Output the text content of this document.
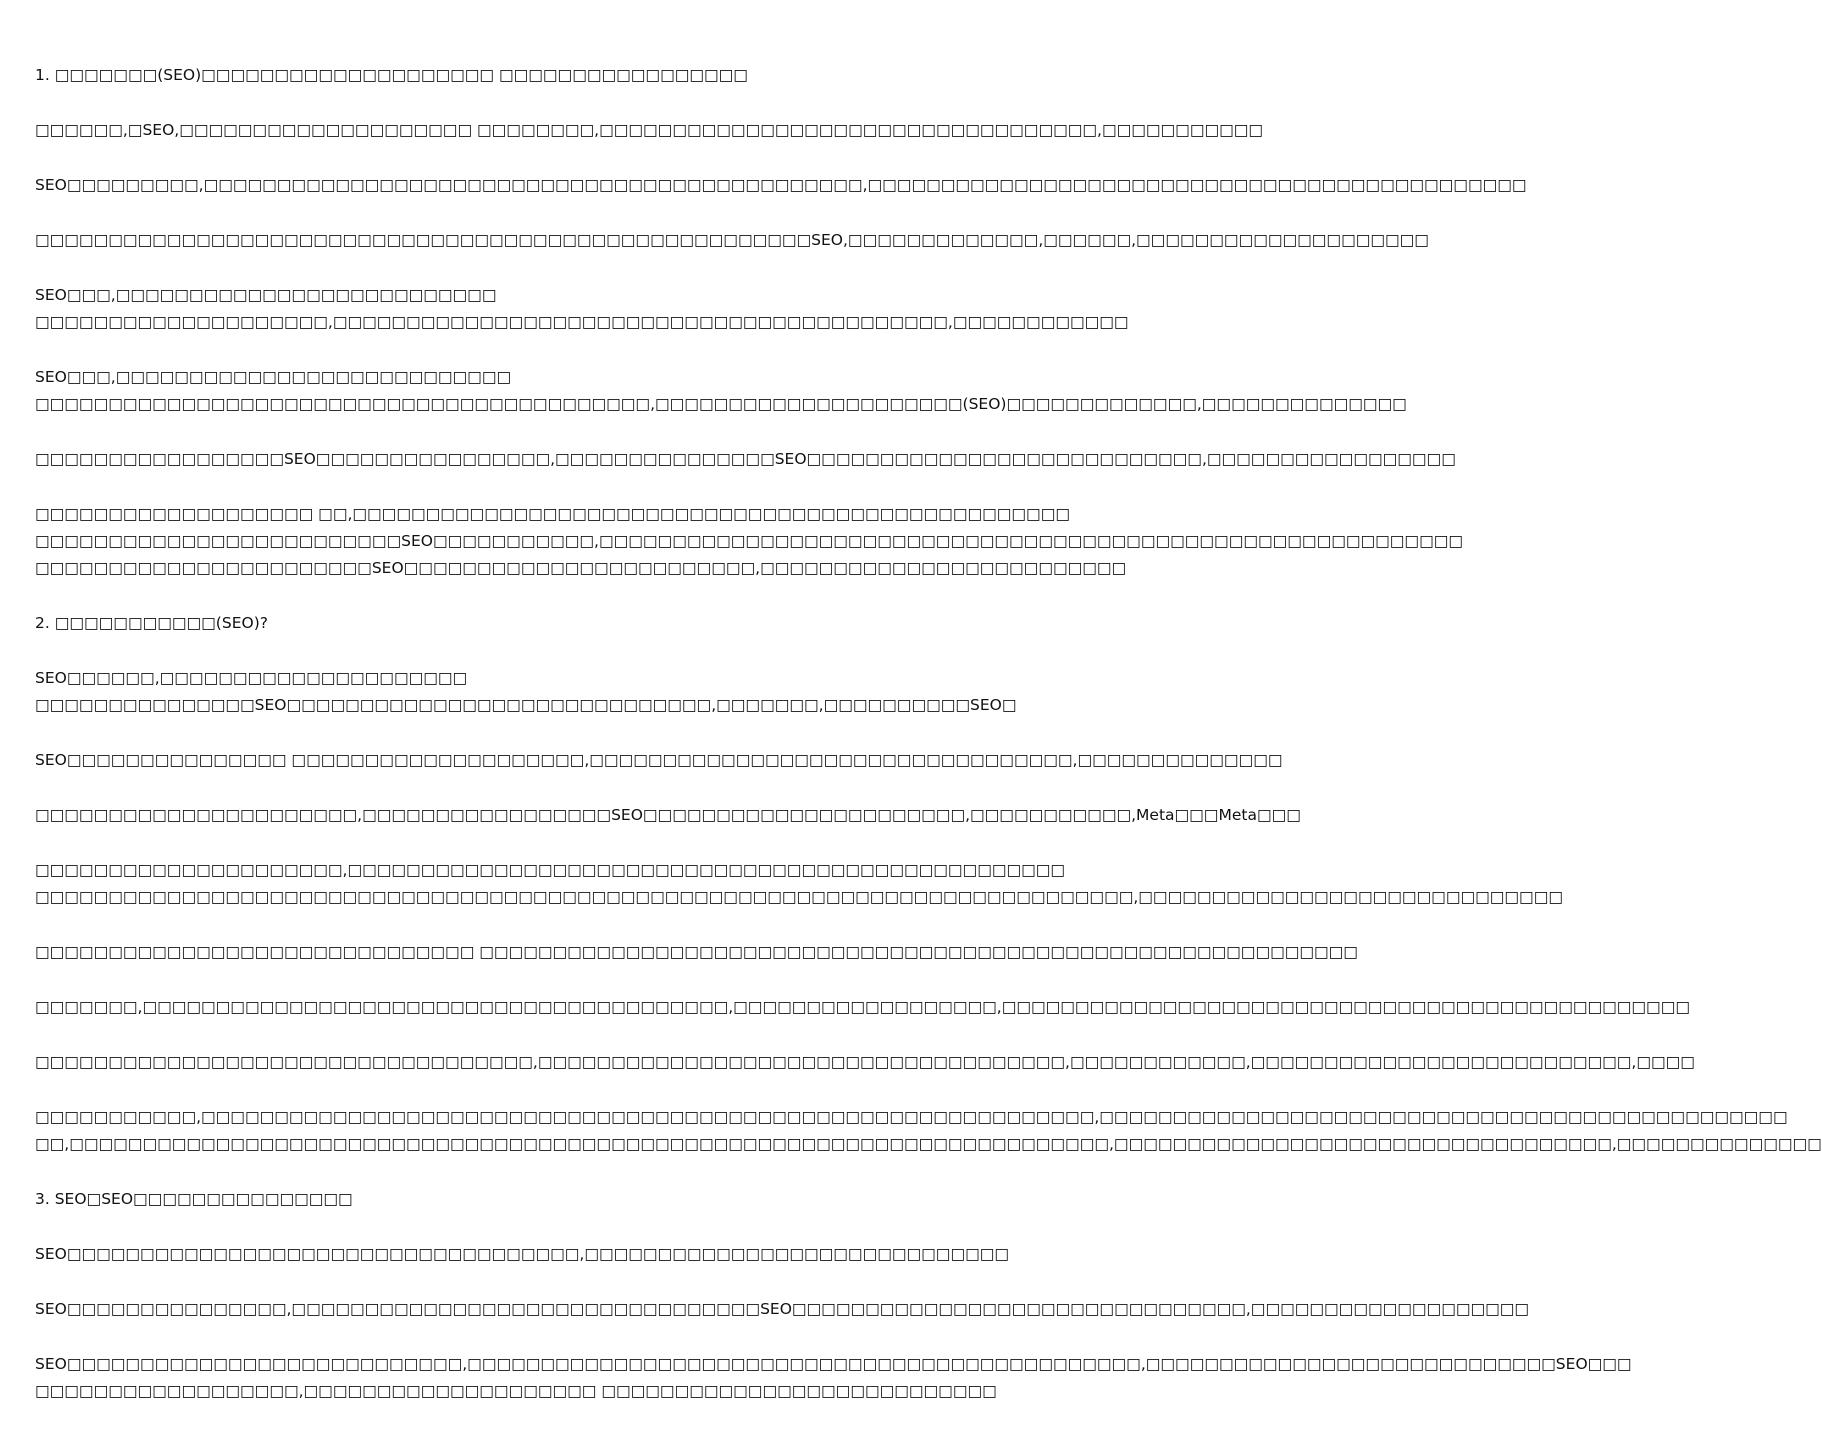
1. □□□□□□□(SEO)□□□□□□□□□□□□□□□□□□□□ □□□□□□□□□□□□□□□□□

□□□□□□,□SEO,□□□□□□□□□□□□□□□□□□□□ □□□□□□□□,□□□□□□□□□□□□□□□□□□□□□□□□□□□□□□□□□□,□□□□□□□□□□□

SEO□□□□□□□□□,□□□□□□□□□□□□□□□□□□□□□□□□□□□□□□□□□□□□□□□□□□□□□,□□□□□□□□□□□□□□□□□□□□□□□□□□□□□□□□□□□□□□□□□□□□□

□□□□□□□□□□□□□□□□□□□□□□□□□□□□□□□□□□□□□□□□□□□□□□□□□□□□□SEO,□□□□□□□□□□□□□,□□□□□□,□□□□□□□□□□□□□□□□□□□□

SEO□□□,□□□□□□□□□□□□□□□□□□□□□□□□□□
□□□□□□□□□□□□□□□□□□□□,□□□□□□□□□□□□□□□□□□□□□□□□□□□□□□□□□□□□□□□□□□,□□□□□□□□□□□□

SEO□□□,□□□□□□□□□□□□□□□□□□□□□□□□□□□
□□□□□□□□□□□□□□□□□□□□□□□□□□□□□□□□□□□□□□□□□□,□□□□□□□□□□□□□□□□□□□□□(SEO)□□□□□□□□□□□□□,□□□□□□□□□□□□□□

□□□□□□□□□□□□□□□□□SEO□□□□□□□□□□□□□□□□,□□□□□□□□□□□□□□□SEO□□□□□□□□□□□□□□□□□□□□□□□□□□□,□□□□□□□□□□□□□□□□□

□□□□□□□□□□□□□□□□□□□ □□,□□□□□□□□□□□□□□□□□□□□□□□□□□□□□□□□□□□□□□□□□□□□□□□□□
□□□□□□□□□□□□□□□□□□□□□□□□□SEO□□□□□□□□□□□,□□□□□□□□□□□□□□□□□□□□□□□□□□□□□□□□□□□□□□□□□□□□□□□□□□□□□□□□□□□
□□□□□□□□□□□□□□□□□□□□□□□SEO□□□□□□□□□□□□□□□□□□□□□□□□,□□□□□□□□□□□□□□□□□□□□□□□□□

2. □□□□□□□□□□□(SEO)?

SEO□□□□□□,□□□□□□□□□□□□□□□□□□□□□
□□□□□□□□□□□□□□□SEO□□□□□□□□□□□□□□□□□□□□□□□□□□□□□,□□□□□□□,□□□□□□□□□□SEO□

SEO□□□□□□□□□□□□□□□ □□□□□□□□□□□□□□□□□□□□,□□□□□□□□□□□□□□□□□□□□□□□□□□□□□□□□□,□□□□□□□□□□□□□□

□□□□□□□□□□□□□□□□□□□□□□,□□□□□□□□□□□□□□□□□SEO□□□□□□□□□□□□□□□□□□□□□□,□□□□□□□□□□□,Meta□□□Meta□□□

□□□□□□□□□□□□□□□□□□□□□,□□□□□□□□□□□□□□□□□□□□□□□□□□□□□□□□□□□□□□□□□□□□□□□□□
□□□□□□□□□□□□□□□□□□□□□□□□□□□□□□□□□□□□□□□□□□□□□□□□□□□□□□□□□□□□□□□□□□□□□□□□□□□,□□□□□□□□□□□□□□□□□□□□□□□□□□□□□

□□□□□□□□□□□□□□□□□□□□□□□□□□□□□□ □□□□□□□□□□□□□□□□□□□□□□□□□□□□□□□□□□□□□□□□□□□□□□□□□□□□□□□□□□□□

□□□□□□□,□□□□□□□□□□□□□□□□□□□□□□□□□□□□□□□□□□□□□□□□,□□□□□□□□□□□□□□□□□□,□□□□□□□□□□□□□□□□□□□□□□□□□□□□□□□□□□□□□□□□□□□□□□□

□□□□□□□□□□□□□□□□□□□□□□□□□□□□□□□□□□,□□□□□□□□□□□□□□□□□□□□□□□□□□□□□□□□□□□□,□□□□□□□□□□□□,□□□□□□□□□□□□□□□□□□□□□□□□□□,□□□□

□□□□□□□□□□□,□□□□□□□□□□□□□□□□□□□□□□□□□□□□□□□□□□□□□□□□□□□□□□□□□□□□□□□□□□□□□,□□□□□□□□□□□□□□□□□□□□□□□□□□□□□□□□□□□□□□□□□□□□□□□
□□,□□□□□□□□□□□□□□□□□□□□□□□□□□□□□□□□□□□□□□□□□□□□□□□□□□□□□□□□□□□□□□□□□□□□□□□,□□□□□□□□□□□□□□□□□□□□□□□□□□□□□□□□□□,□□□□□□□□□□□□□□

3. SEO□SEO□□□□□□□□□□□□□□□

SEO□□□□□□□□□□□□□□□□□□□□□□□□□□□□□□□□□□□,□□□□□□□□□□□□□□□□□□□□□□□□□□□□□

SEO□□□□□□□□□□□□□□□,□□□□□□□□□□□□□□□□□□□□□□□□□□□□□□□□SEO□□□□□□□□□□□□□□□□□□□□□□□□□□□□□□□,□□□□□□□□□□□□□□□□□□□

SEO□□□□□□□□□□□□□□□□□□□□□□□□□□□,□□□□□□□□□□□□□□□□□□□□□□□□□□□□□□□□□□□□□□□□□□□□□□,□□□□□□□□□□□□□□□□□□□□□□□□□□□□SEO□□□
□□□□□□□□□□□□□□□□□□,□□□□□□□□□□□□□□□□□□□□ □□□□□□□□□□□□□□□□□□□□□□□□□□□
